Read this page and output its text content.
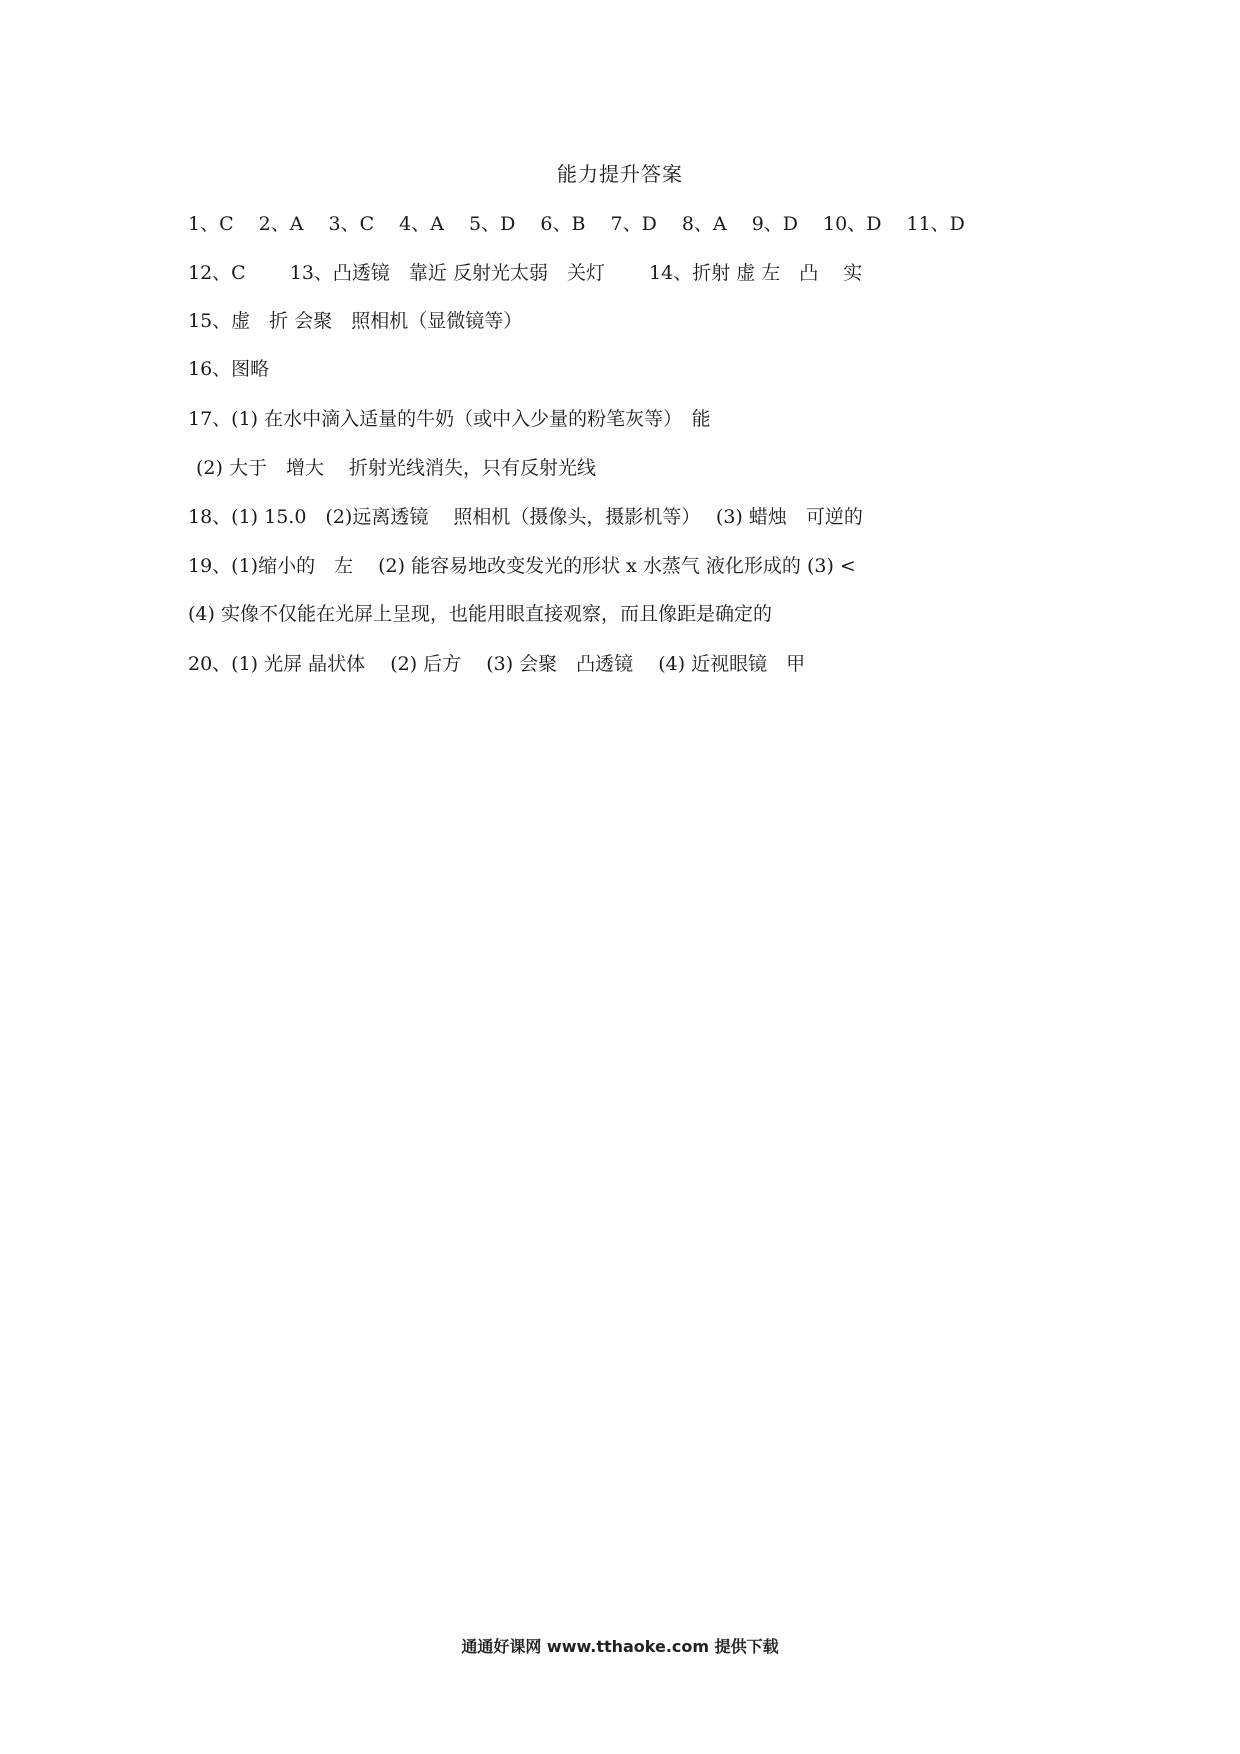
能力提升答案
1、C　 2、A　 3、C　 4、A　 5、D　 6、B　 7、D　 8、A　 9、D　 10、D　 11、D
12、C　　 13、凸透镜　靠近 反射光太弱　关灯　　 14、折射 虚 左　凸　 实
15、虚　折 会聚　照相机（显微镜等）
16、图略
17、(1) 在水中滴入适量的牛奶（或中入少量的粉笔灰等）　能
(2) 大于　增大　 折射光线消失，只有反射光线
18、(1) 15.0　(2)远离透镜　 照相机（摄像头，摄影机等）　 (3) 蜡烛　可逆的
19、(1)缩小的　左　 (2) 能容易地改变发光的形状 x 水蒸气 液化形成的 (3) <
(4) 实像不仅能在光屏上呈现，也能用眼直接观察，而且像距是确定的
20、(1) 光屏 晶状体　 (2) 后方　 (3) 会聚　凸透镜　 (4) 近视眼镜　甲
通通好课网 www.tthaoke.com 提供下载
